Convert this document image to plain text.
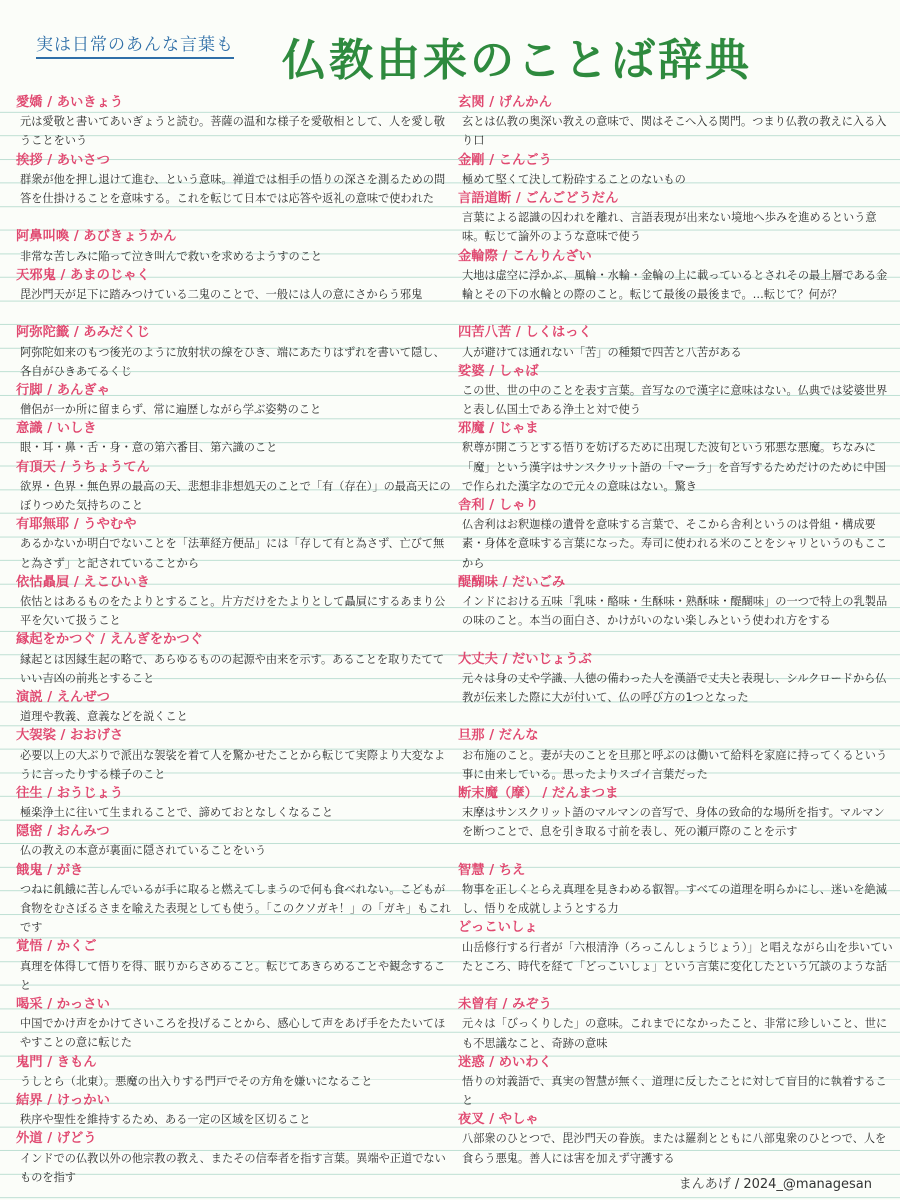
実は日常のあんな言葉も 仏教由来のことば辞典
愛嬌 / あいきょう
元は愛敬と書いてあいぎょうと読む。菩薩の温和な様子を愛敬相として、人を愛し敬うことをいう
挨拶 / あいさつ
群衆が他を押し退けて進む、という意味。禅道では相手の悟りの深さを測るための問答を仕掛けることを意味する。これを転じて日本では応答や返礼の意味で使われた
阿鼻叫喚 / あびきょうかん
非常な苦しみに陥って泣き叫んで救いを求めるようすのこと
天邪鬼 / あまのじゃく
毘沙門天が足下に踏みつけている二鬼のことで、一般には人の意にさからう邪鬼
阿弥陀籤 / あみだくじ
阿弥陀如来のもつ後光のように放射状の線をひき、端にあたりはずれを書いて隠し、各自がひきあてるくじ
行脚 / あんぎゃ
僧侶が一か所に留まらず、常に遍歴しながら学ぶ姿勢のこと
意識 / いしき
眼・耳・鼻・舌・身・意の第六番目、第六識のこと
有頂天 / うちょうてん
欲界・色界・無色界の最高の天、悲想非非想処天のことで「有（存在）」の最高天にのぼりつめた気持ちのこと
有耶無耶 / うやむや
あるかないか明白でないことを「法華経方便品」には「存して有と為さず、亡びて無と為さず」と記されていることから
依怙贔屓 / えこひいき
依怙とはあるものをたよりとすること。片方だけをたよりとして贔屓にするあまり公平を欠いて扱うこと
縁起をかつぐ / えんぎをかつぐ
縁起とは因縁生起の略で、あらゆるものの起源や由来を示す。あることを取りたてていい吉凶の前兆とすること
演説 / えんぜつ
道理や教義、意義などを説くこと
大袈裟 / おおげさ
必要以上の大ぶりで派出な袈裟を着て人を驚かせたことから転じて実際より大変なように言ったりする様子のこと
往生 / おうじょう
極楽浄土に往いて生まれることで、諦めておとなしくなること
隠密 / おんみつ
仏の教えの本意が裏面に隠されていることをいう
餓鬼 / がき
つねに飢餓に苦しんでいるが手に取ると燃えてしまうので何も食べれない。こどもが食物をむさぼるさまを喩えた表現としても使う。「このクソガキ！」の「ガキ」もこれです
覚悟 / かくご
真理を体得して悟りを得、眠りからさめること。転じてあきらめることや観念すること
喝采 / かっさい
中国でかけ声をかけてさいころを投げることから、感心して声をあげ手をたたいてほやすことの意に転じた
鬼門 / きもん
うしとら（北東）。悪魔の出入りする門戸でその方角を嫌いになること
結界 / けっかい
秩序や聖性を維持するため、ある一定の区域を区切ること
外道 / げどう
インドでの仏教以外の他宗教の教え、またその信奉者を指す言葉。異端や正道でないものを指す
玄関 / げんかん
玄とは仏教の奥深い教えの意味で、関はそこへ入る関門。つまり仏教の教えに入る入り口
金剛 / こんごう
極めて堅くて決して粉砕することのないもの
言語道断 / ごんごどうだん
言葉による認識の囚われを離れ、言語表現が出来ない境地へ歩みを進めるという意味。転じて論外のような意味で使う
金輪際 / こんりんざい
大地は虚空に浮かぶ、風輪・水輪・金輪の上に載っているとされその最上層である金輪とその下の水輪との際のこと。転じて最後の最後まで。…転じて？何が？
四苦八苦 / しくはっく
人が避けては通れない「苦」の種類で四苦と八苦がある
娑婆 / しゃば
この世、世の中のことを表す言葉。音写なので漢字に意味はない。仏典では娑婆世界と表し仏国土である浄土と対で使う
邪魔 / じゃま
釈尊が開こうとする悟りを妨げるために出現した波旬という邪悪な悪魔。ちなみに「魔」という漢字はサンスクリット語の「マーラ」を音写するためだけのために中国で作られた漢字なので元々の意味はない。驚き
舎利 / しゃり
仏舎利はお釈迦様の遺骨を意味する言葉で、そこから舎利というのは骨組・構成要素・身体を意味する言葉になった。寿司に使われる米のことをシャリというのもここから
醍醐味 / だいごみ
インドにおける五味「乳味・酪味・生酥味・熟酥味・醍醐味」の一つで特上の乳製品の味のこと。本当の面白さ、かけがいのない楽しみという使われ方をする
大丈夫 / だいじょうぶ
元々は身の丈や学識、人徳の備わった人を漢語で丈夫と表現し、シルクロードから仏教が伝来した際に大が付いて、仏の呼び方の1つとなった
旦那 / だんな
お布施のこと。妻が夫のことを旦那と呼ぶのは働いて給料を家庭に持ってくるという事に由来している。思ったよりスゴイ言葉だった
断末魔（摩） / だんまつま
末摩はサンスクリット語のマルマンの音写で、身体の致命的な場所を指す。マルマンを断つことで、息を引き取る寸前を表し、死の瀬戸際のことを示す
智慧 / ちえ
物事を正しくとらえ真理を見きわめる叡智。すべての道理を明らかにし、迷いを絶滅し、悟りを成就しようとする力
どっこいしょ
山岳修行する行者が「六根清浄（ろっこんしょうじょう）」と唱えながら山を歩いていたところ、時代を経て「どっこいしょ」という言葉に変化したという冗談のような話
未曾有 / みぞう
元々は「びっくりした」の意味。これまでになかったこと、非常に珍しいこと、世にも不思議なこと、奇跡の意味
迷惑 / めいわく
悟りの対義語で、真実の智慧が無く、道理に反したことに対して盲目的に執着すること
夜叉 / やしゃ
八部衆のひとつで、毘沙門天の眷族。または羅刹とともに八部鬼衆のひとつで、人を食らう悪鬼。善人には害を加えず守護する
まんあげ / 2024_@managesan
